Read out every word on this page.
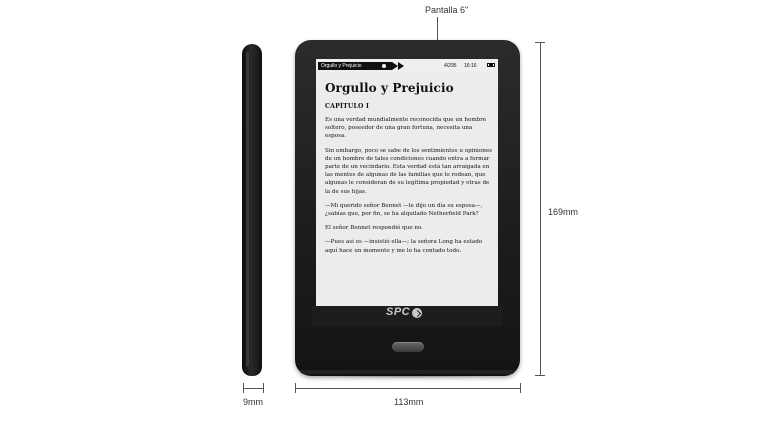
Pantalla 6"
169mm
113mm
9mm
Orgullo y Prejuicio	4/295 16:16
Orgullo y Prejuicio
CAPÍTULO I

Es una verdad mundialmente reconocida que un hombre soltero, poseedor de una gran fortuna, necesita una esposa.

Sin embargo, poco se sabe de los sentimientos u opiniones de un hombre de tales condiciones cuando entra a formar parte de un vecindario. Esta verdad está tan arraigada en las mentes de algunas de las familias que lo rodean, que algunas le consideran de su legítima propiedad y otras de la de sus hijas.

—Mi querido señor Bennet —le dijo un día su esposa—, ¿sabías que, por fin, se ha alquilado Netherfield Park?

El señor Bennet respondió que no.

—Pues así es —insistió ella—; la señora Long ha estado aquí hace un momento y me lo ha contado todo.

SPC
